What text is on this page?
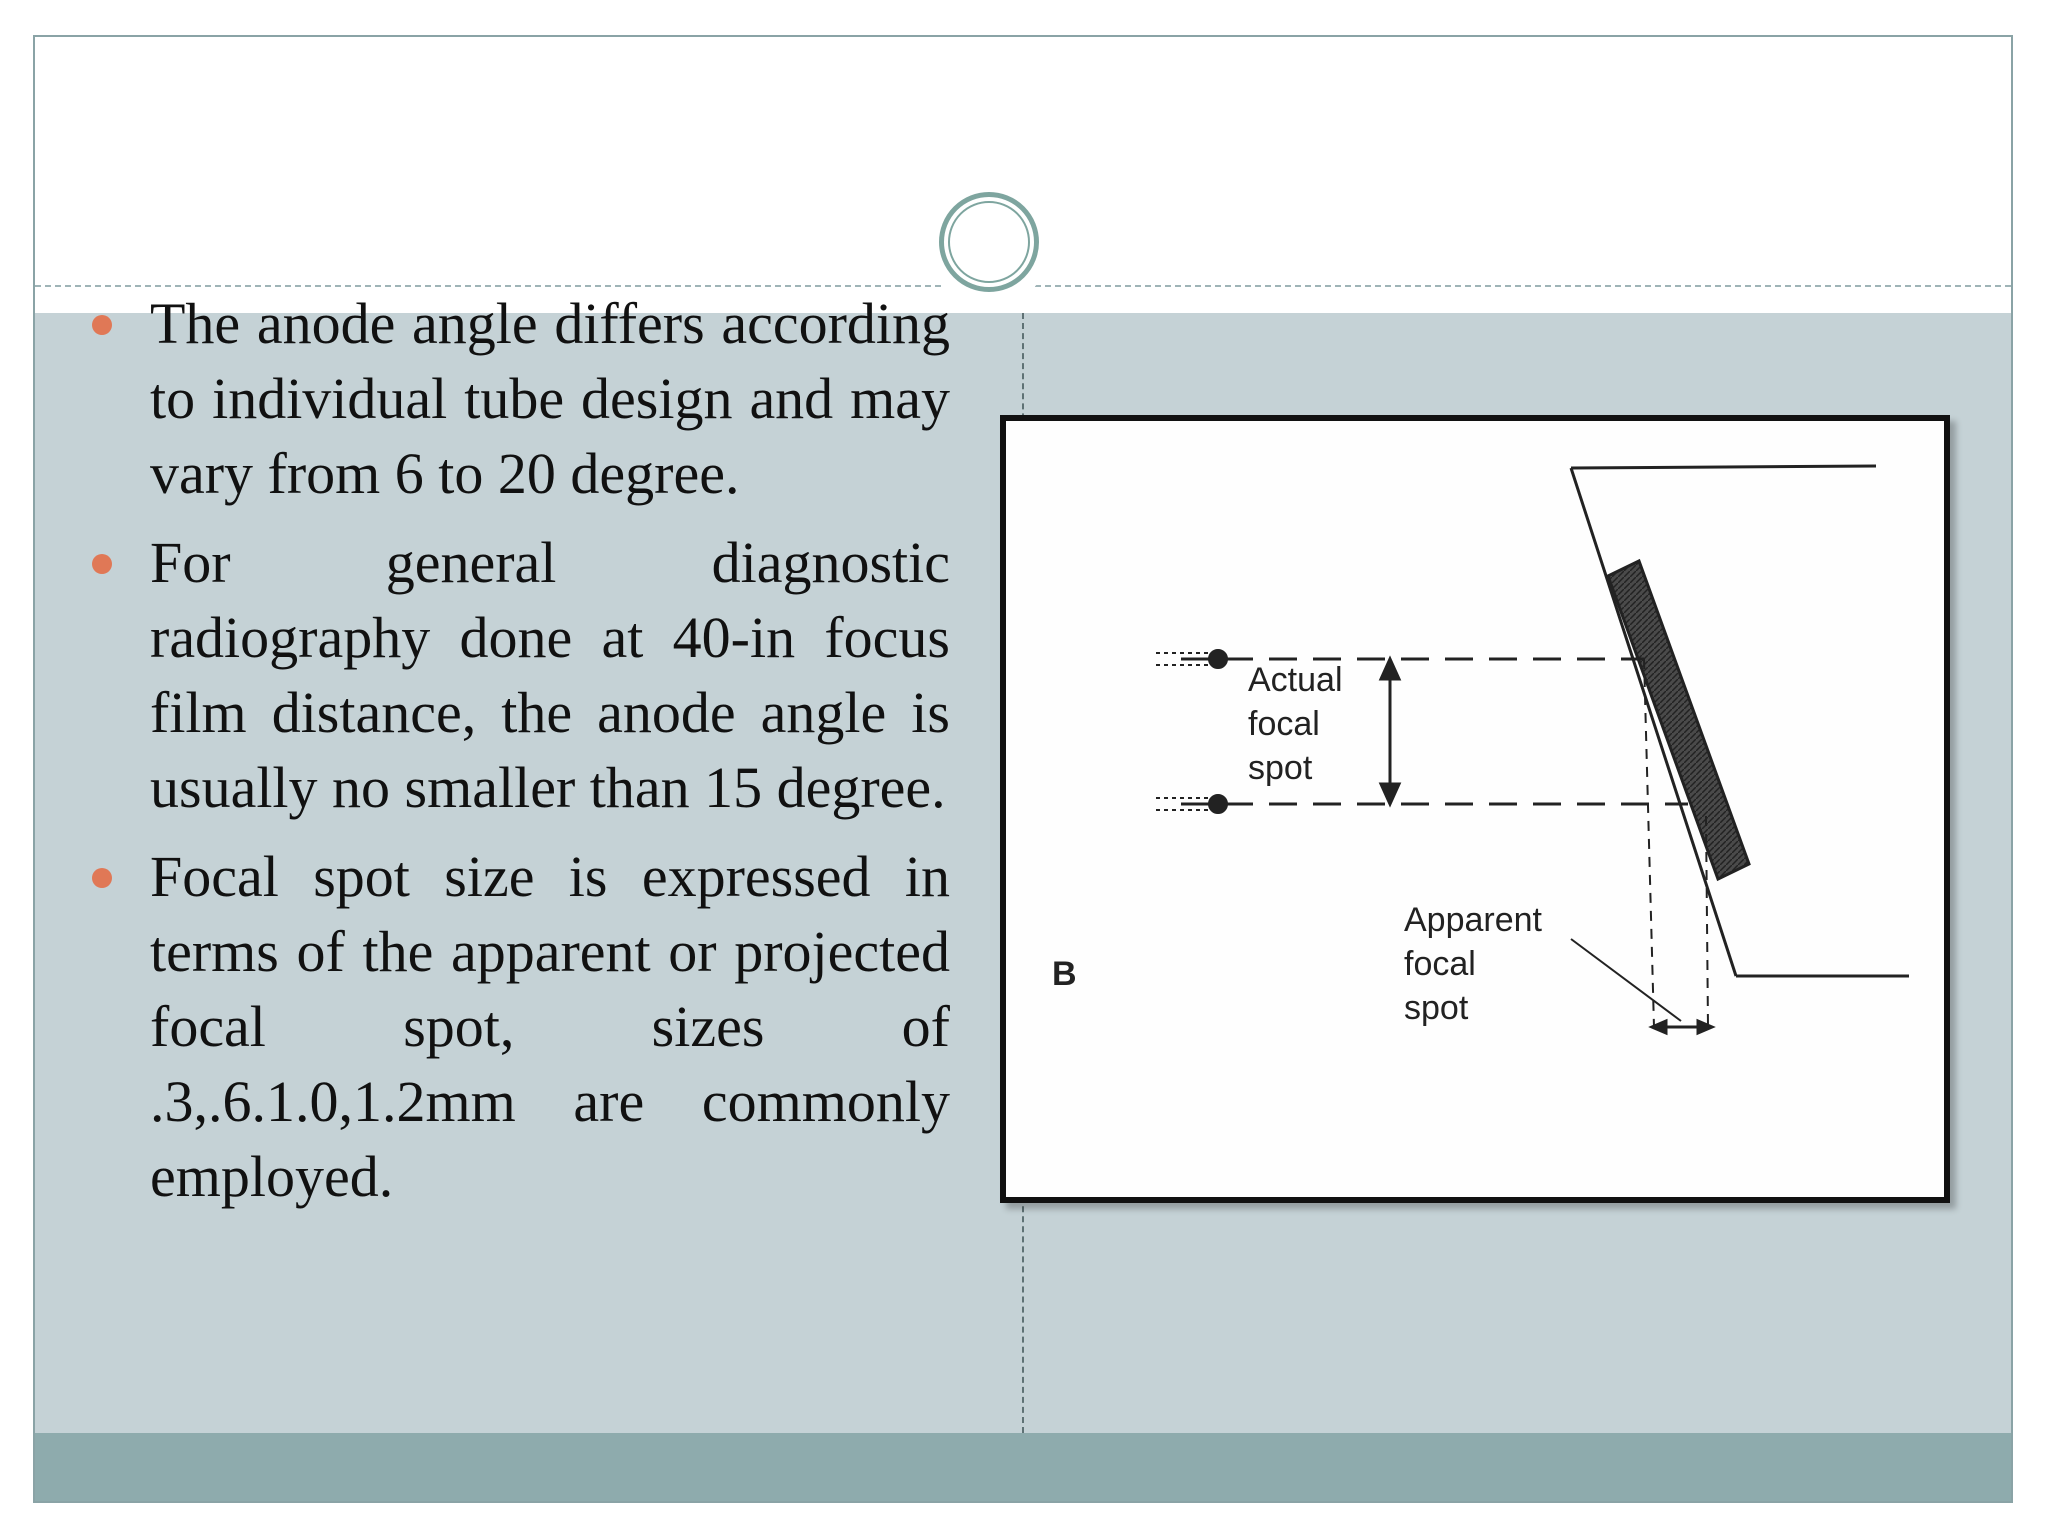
The anode angle differs according to individual tube design and may vary from 6 to 20 degree.
For general diagnostic radiography done at 40-in focus film distance, the anode angle is usually no smaller than 15 degree.
Focal spot size is expressed in terms of the apparent or projected focal spot, sizes of .3,.6.1.0,1.2mm are commonly employed.
Actual
focal
spot
Apparent
focal
spot
B
